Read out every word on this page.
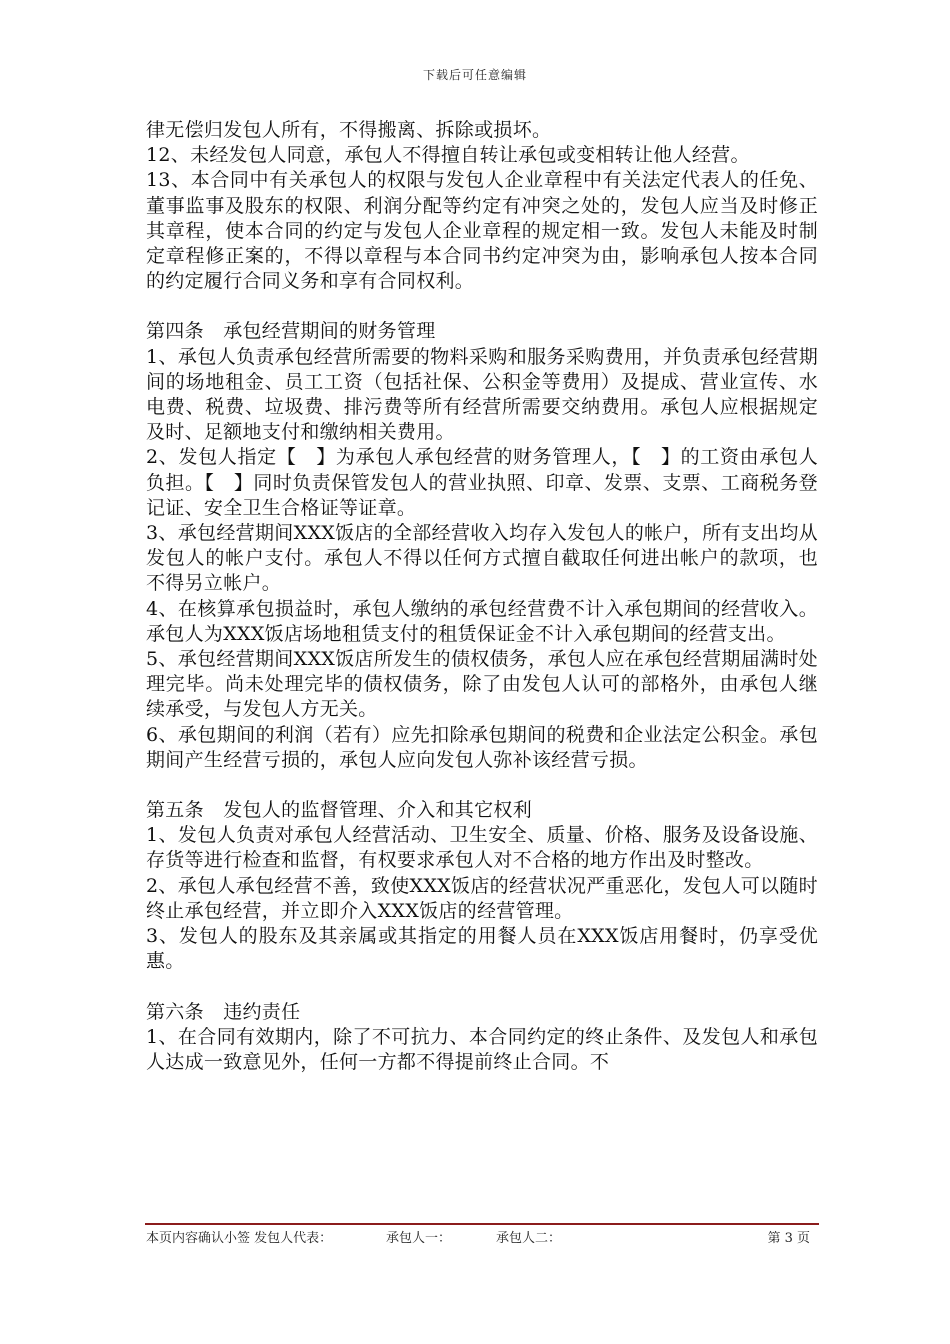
下载后可任意编辑

律无偿归发包人所有，不得搬离、拆除或损坏。

12、未经发包人同意，承包人不得擅自转让承包或变相转让他人经营。

13、本合同中有关承包人的权限与发包人企业章程中有关法定代表人的任免、董事监事及股东的权限、利润分配等约定有冲突之处的，发包人应当及时修正其章程，使本合同的约定与发包人企业章程的规定相一致。发包人未能及时制定章程修正案的，不得以章程与本合同书约定冲突为由，影响承包人按本合同的约定履行合同义务和享有合同权利。

第四条　承包经营期间的财务管理

1、承包人负责承包经营所需要的物料采购和服务采购费用，并负责承包经营期间的场地租金、员工工资（包括社保、公积金等费用）及提成、营业宣传、水电费、税费、垃圾费、排污费等所有经营所需要交纳费用。承包人应根据规定及时、足额地支付和缴纳相关费用。

2、发包人指定【　】为承包人承包经营的财务管理人，【　】的工资由承包人负担。【　】同时负责保管发包人的营业执照、印章、发票、支票、工商税务登记证、安全卫生合格证等证章。

3、承包经营期间XXX饭店的全部经营收入均存入发包人的帐户，所有支出均从发包人的帐户支付。承包人不得以任何方式擅自截取任何进出帐户的款项，也不得另立帐户。

4、在核算承包损益时，承包人缴纳的承包经营费不计入承包期间的经营收入。承包人为XXX饭店场地租赁支付的租赁保证金不计入承包期间的经营支出。

5、承包经营期间XXX饭店所发生的债权债务，承包人应在承包经营期届满时处理完毕。尚未处理完毕的债权债务，除了由发包人认可的部格外，由承包人继续承受，与发包人方无关。

6、承包期间的利润（若有）应先扣除承包期间的税费和企业法定公积金。承包期间产生经营亏损的，承包人应向发包人弥补该经营亏损。

第五条　发包人的监督管理、介入和其它权利

1、发包人负责对承包人经营活动、卫生安全、质量、价格、服务及设备设施、存货等进行检查和监督，有权要求承包人对不合格的地方作出及时整改。

2、承包人承包经营不善，致使XXX饭店的经营状况严重恶化，发包人可以随时终止承包经营，并立即介入XXX饭店的经营管理。

3、发包人的股东及其亲属或其指定的用餐人员在XXX饭店用餐时，仍享受优惠。

第六条　违约责任

1、在合同有效期内，除了不可抗力、本合同约定的终止条件、及发包人和承包人达成一致意见外，任何一方都不得提前终止合同。不

本页内容确认小签 发包人代表：	承包人一：	承包人二：	第 3 页
